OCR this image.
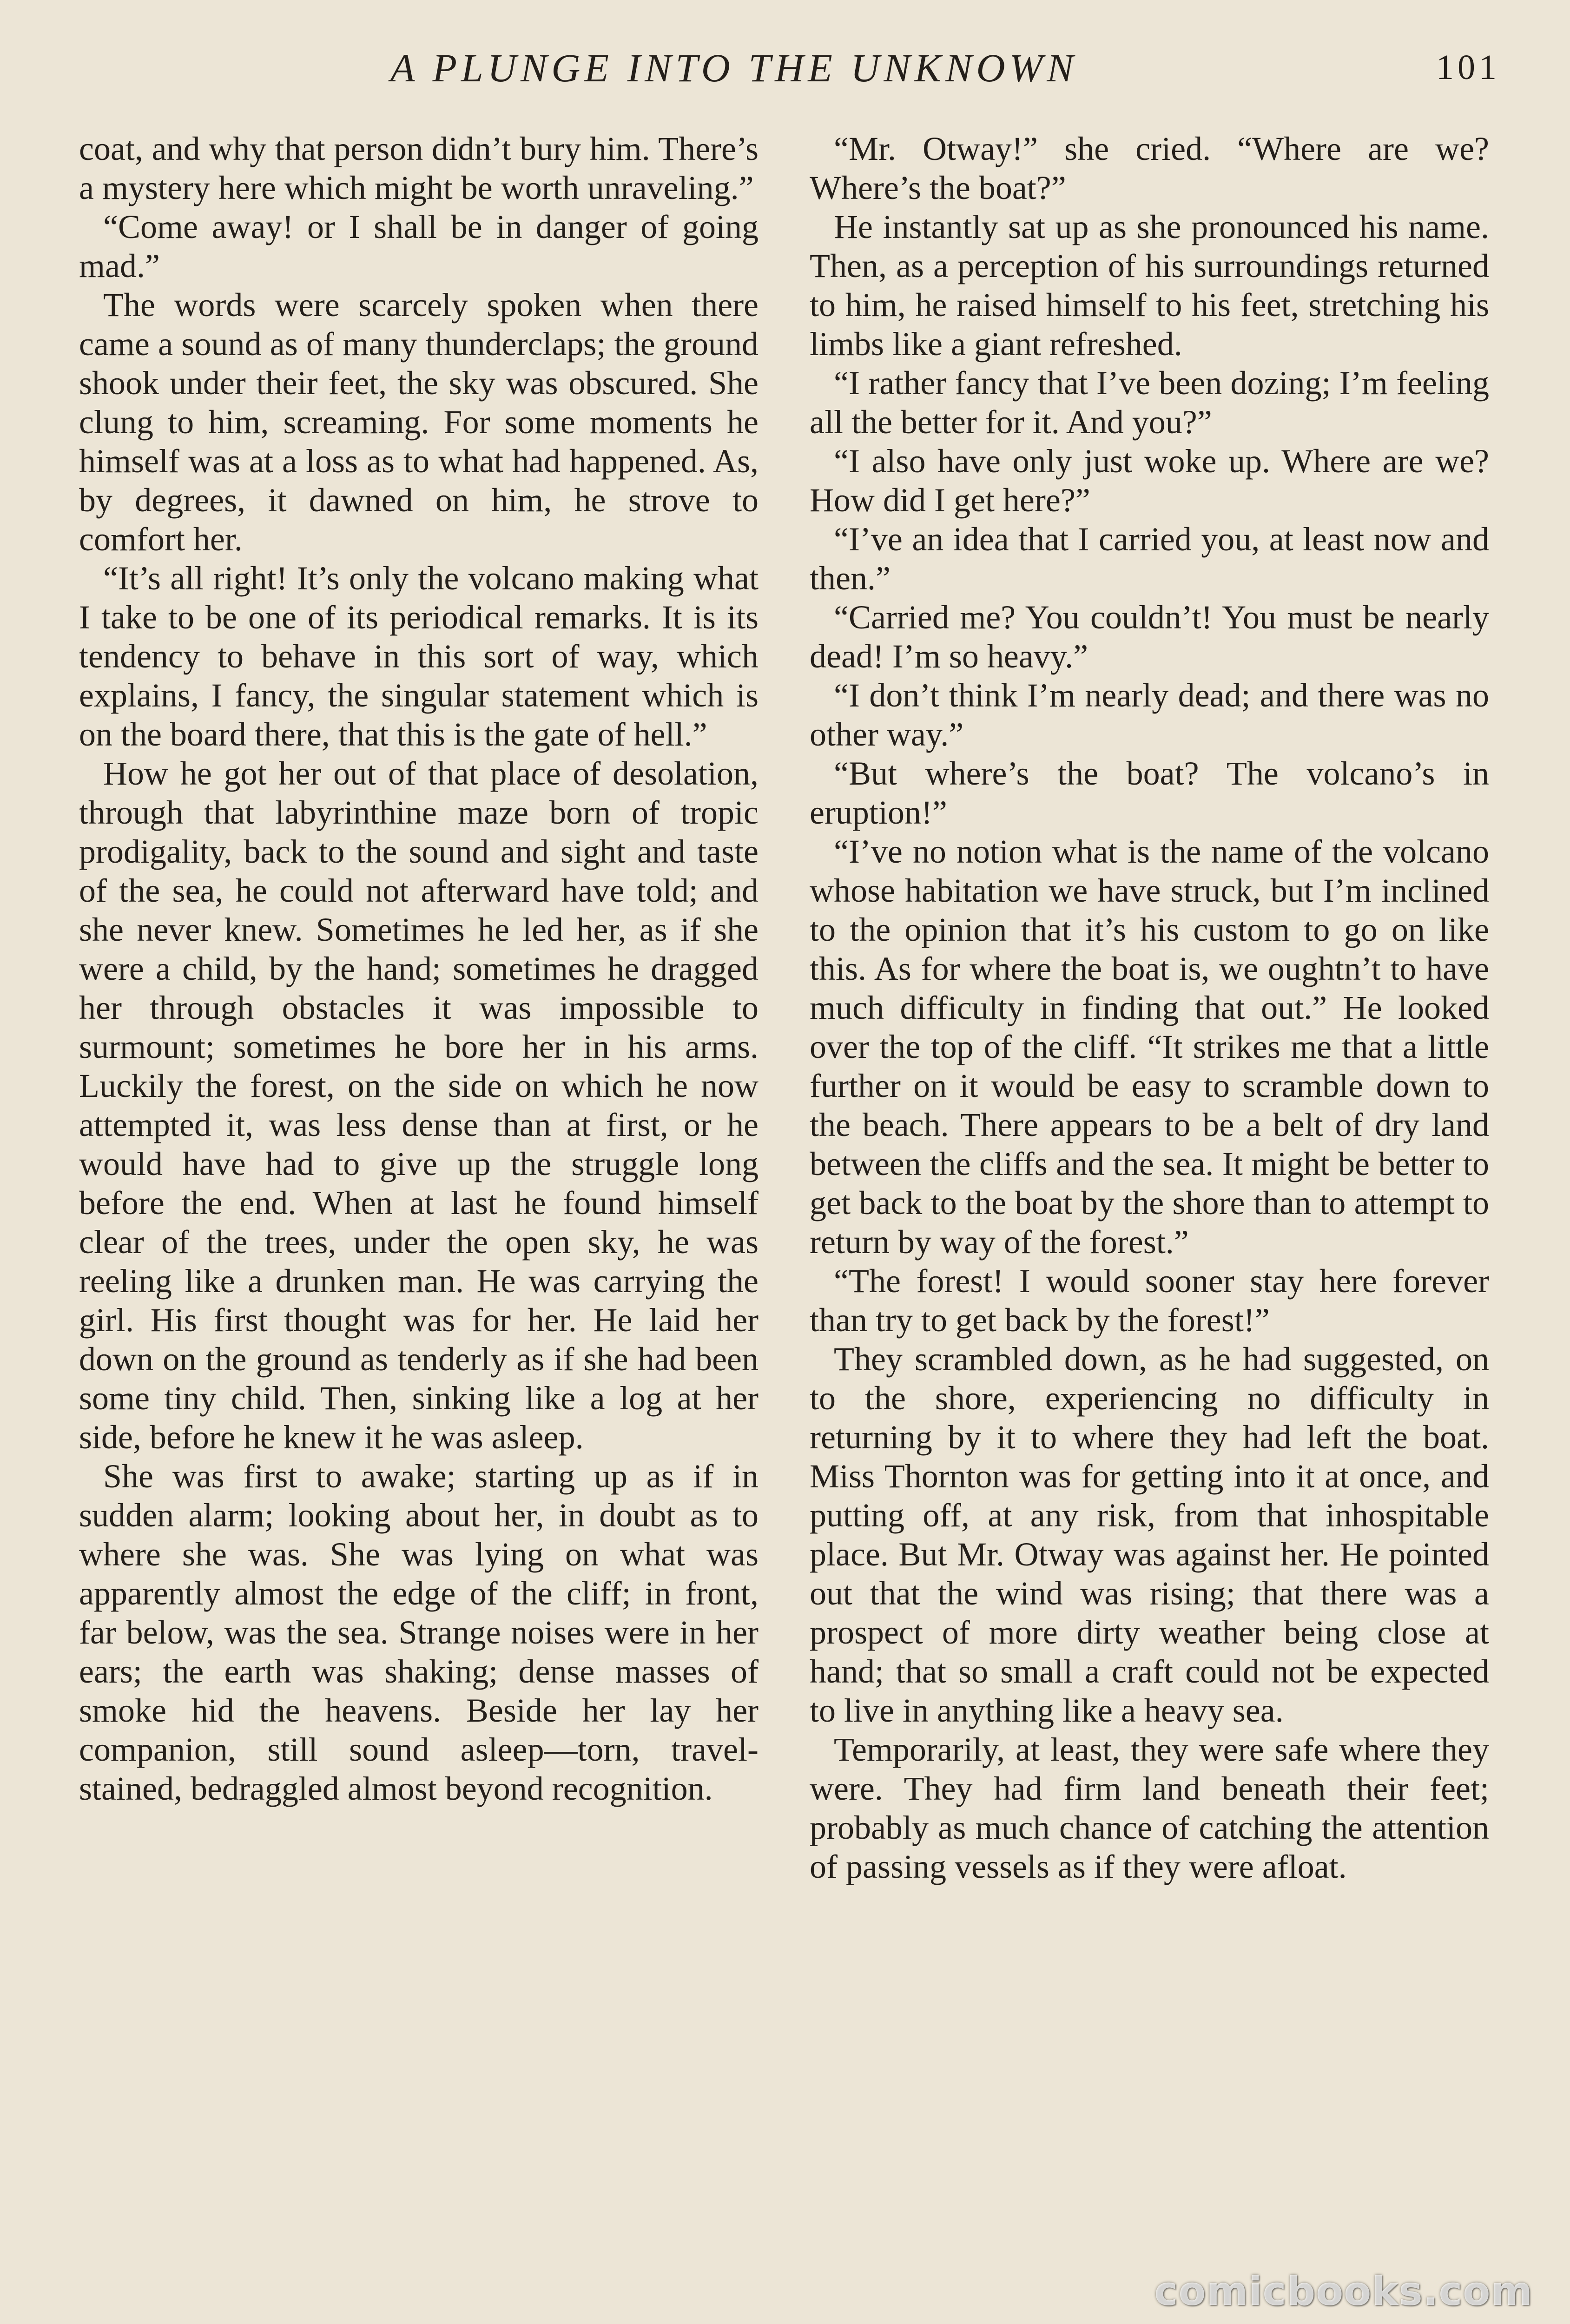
A PLUNGE INTO THE UNKNOWN	101

coat, and why that person didn’t bury him. There’s a mystery here which might be worth unraveling.”

“Come away! or I shall be in danger of going mad.”

The words were scarcely spoken when there came a sound as of many thunderclaps; the ground shook under their feet, the sky was obscured. She clung to him, screaming. For some moments he himself was at a loss as to what had happened. As, by degrees, it dawned on him, he strove to comfort her.

“It’s all right! It’s only the volcano making what I take to be one of its periodical remarks. It is its tendency to behave in this sort of way, which explains, I fancy, the singular statement which is on the board there, that this is the gate of hell.”

How he got her out of that place of desolation, through that labyrinthine maze born of tropic prodigality, back to the sound and sight and taste of the sea, he could not afterward have told; and she never knew. Sometimes he led her, as if she were a child, by the hand; sometimes he dragged her through obstacles it was impossible to surmount; sometimes he bore her in his arms. Luckily the forest, on the side on which he now attempted it, was less dense than at first, or he would have had to give up the struggle long before the end. When at last he found himself clear of the trees, under the open sky, he was reeling like a drunken man. He was carrying the girl. His first thought was for her. He laid her down on the ground as tenderly as if she had been some tiny child. Then, sinking like a log at her side, before he knew it he was asleep.

She was first to awake; starting up as if in sudden alarm; looking about her, in doubt as to where she was. She was lying on what was apparently almost the edge of the cliff; in front, far below, was the sea. Strange noises were in her ears; the earth was shaking; dense masses of smoke hid the heavens. Beside her lay her companion, still sound asleep—torn, travel-stained, bedraggled almost beyond recognition.

“Mr. Otway!” she cried. “Where are we? Where’s the boat?”

He instantly sat up as she pronounced his name. Then, as a perception of his surroundings returned to him, he raised himself to his feet, stretching his limbs like a giant refreshed.

“I rather fancy that I’ve been dozing; I’m feeling all the better for it. And you?”

“I also have only just woke up. Where are we? How did I get here?”

“I’ve an idea that I carried you, at least now and then.”

“Carried me? You couldn’t! You must be nearly dead! I’m so heavy.”

“I don’t think I’m nearly dead; and there was no other way.”

“But where’s the boat? The volcano’s in eruption!”

“I’ve no notion what is the name of the volcano whose habitation we have struck, but I’m inclined to the opinion that it’s his custom to go on like this. As for where the boat is, we oughtn’t to have much difficulty in finding that out.” He looked over the top of the cliff. “It strikes me that a little further on it would be easy to scramble down to the beach. There appears to be a belt of dry land between the cliffs and the sea. It might be better to get back to the boat by the shore than to attempt to return by way of the forest.”

“The forest! I would sooner stay here forever than try to get back by the forest!”

They scrambled down, as he had suggested, on to the shore, experiencing no difficulty in returning by it to where they had left the boat. Miss Thornton was for getting into it at once, and putting off, at any risk, from that inhospitable place. But Mr. Otway was against her. He pointed out that the wind was rising; that there was a prospect of more dirty weather being close at hand; that so small a craft could not be expected to live in anything like a heavy sea.

Temporarily, at least, they were safe where they were. They had firm land beneath their feet; probably as much chance of catching the attention of passing vessels as if they were afloat.

comicbooks.com
